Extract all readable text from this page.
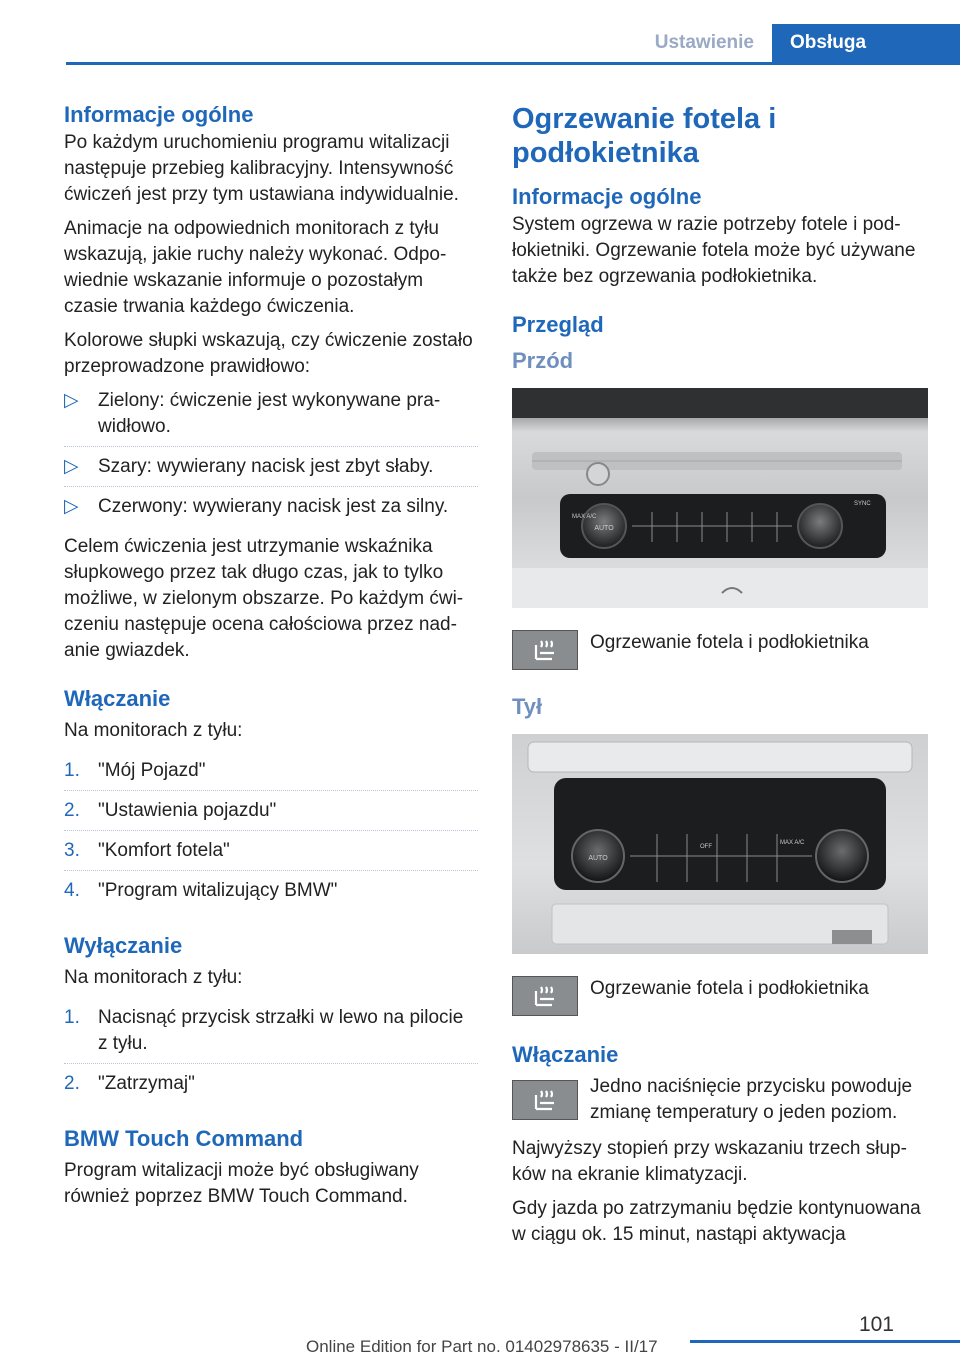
Ustawienie	Obsługa
Informacje ogólne

Po każdym uruchomieniu programu witalizacji następuje przebieg kalibracyjny. Intensywność ćwiczeń jest przy tym ustawiana indywidualnie.

Animacje na odpowiednich monitorach z tyłu wskazują, jakie ruchy należy wykonać. Odpowiednie wskazanie informuje o pozostałym czasie trwania każdego ćwiczenia.

Kolorowe słupki wskazują, czy ćwiczenie zostało przeprowadzone prawidłowo:

▷ Zielony: ćwiczenie jest wykonywane prawidłowo.
▷ Szary: wywierany nacisk jest zbyt słaby.
▷ Czerwony: wywierany nacisk jest za silny.

Celem ćwiczenia jest utrzymanie wskaźnika słupkowego przez tak długo czas, jak to tylko możliwe, w zielonym obszarze. Po każdym ćwiczeniu następuje ocena całościowa przez nadanie gwiazdek.

Włączanie

Na monitorach z tyłu:

1. "Mój Pojazd"
2. "Ustawienia pojazdu"
3. "Komfort fotela"
4. "Program witalizujący BMW"
Wyłączanie

Na monitorach z tyłu:

1. Nacisnąć przycisk strzałki w lewo na pilocie z tyłu.
2. "Zatrzymaj"
BMW Touch Command

Program witalizacji może być obsługiwany również poprzez BMW Touch Command.

Ogrzewanie fotela i podłokietnika
Informacje ogólne

System ogrzewa w razie potrzeby fotele i podłokietniki. Ogrzewanie fotela może być używane także bez ogrzewania podłokietnika.

Przegląd
Przód
AUTO
MAX A/C
SYNC
Ogrzewanie fotela i podłokietnika
Tył
AUTO
OFF
MAX A/C
Ogrzewanie fotela i podłokietnika
Włączanie
Jedno naciśnięcie przycisku powoduje zmianę temperatury o jeden poziom.

Najwyższy stopień przy wskazaniu trzech słupków na ekranie klimatyzacji.

Gdy jazda po zatrzymaniu będzie kontynuowana w ciągu ok. 15 minut, nastąpi aktywacja

101
Online Edition for Part no. 01402978635 - II/17
